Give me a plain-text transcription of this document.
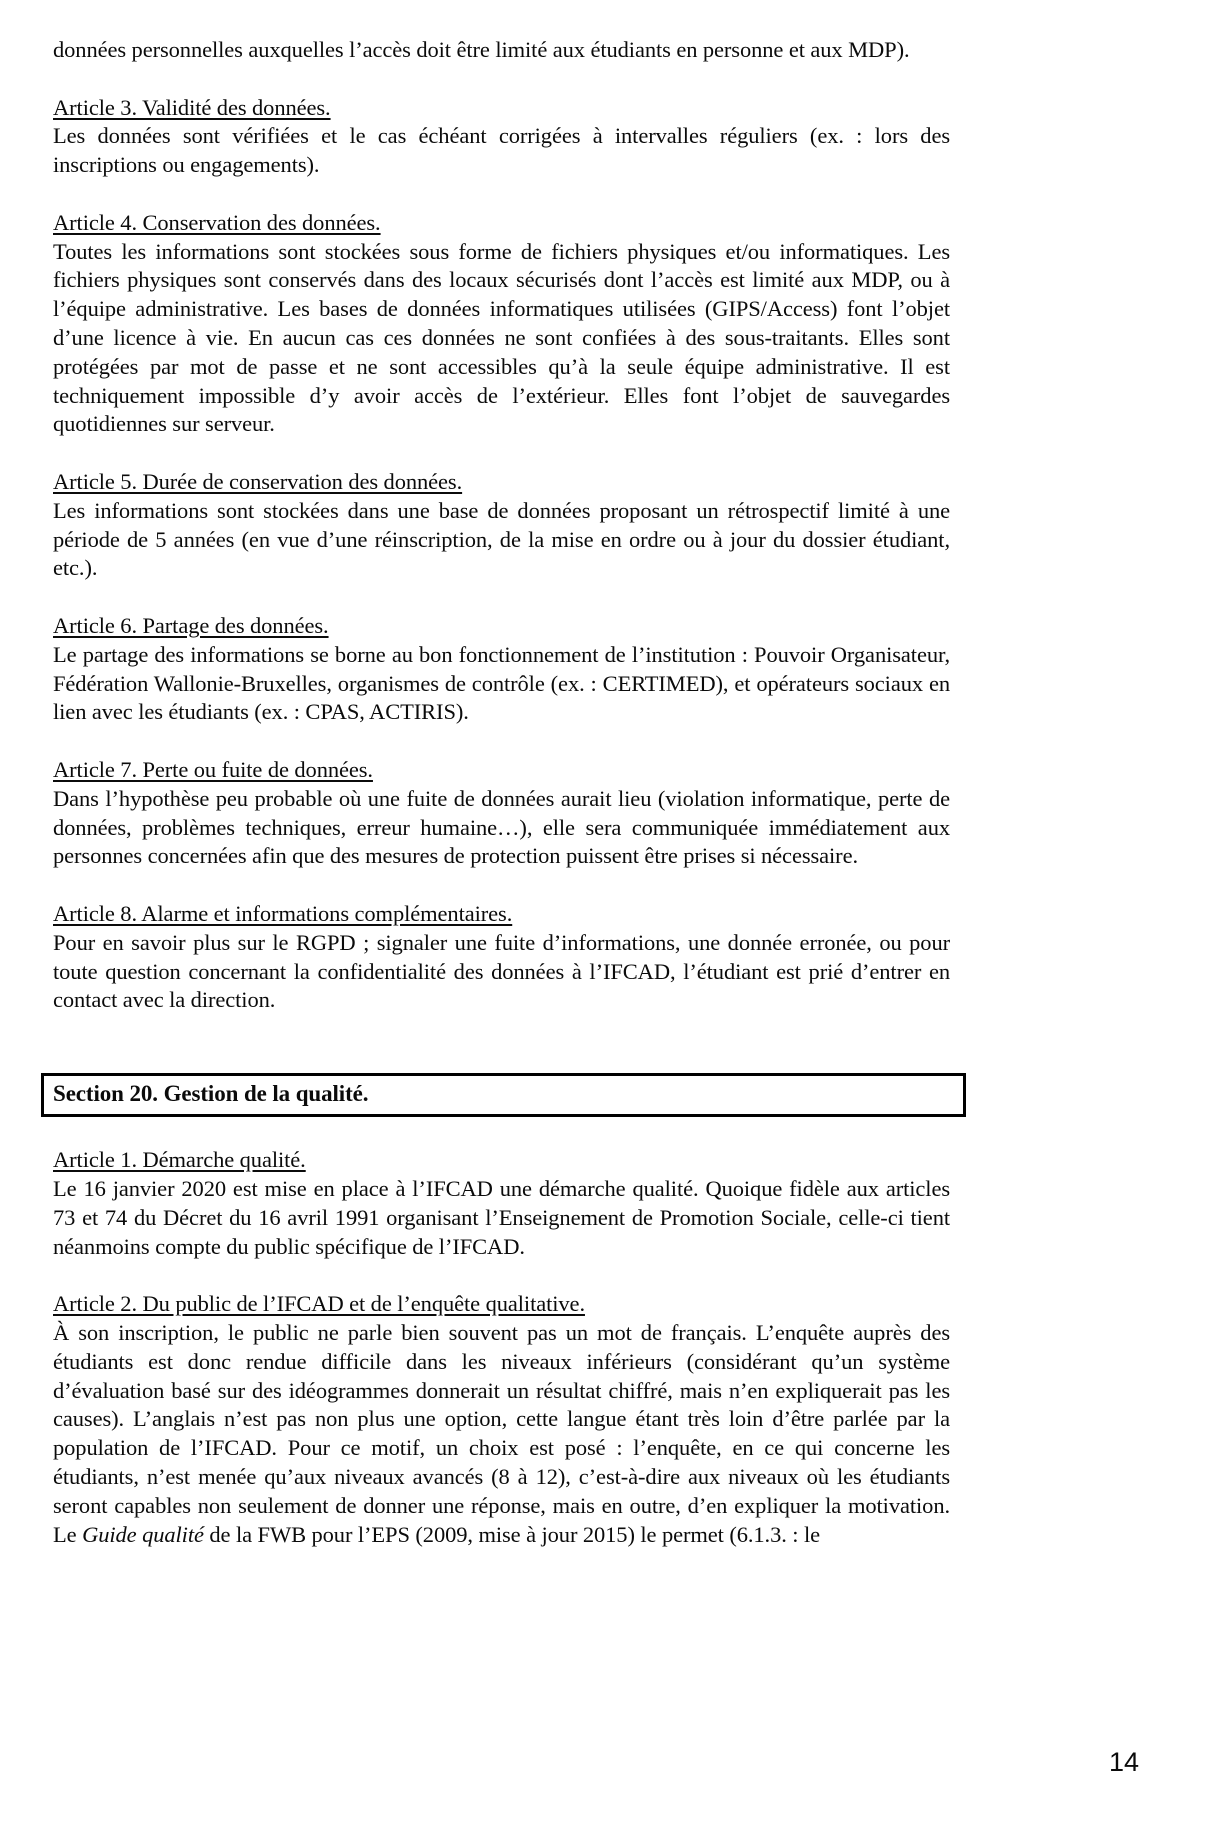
données personnelles auxquelles l’accès doit être limité aux étudiants en personne et aux MDP).

Article 3. Validité des données.

Les données sont vérifiées et le cas échéant corrigées à intervalles réguliers (ex. : lors des inscriptions ou engagements).

Article 4. Conservation des données.

Toutes les informations sont stockées sous forme de fichiers physiques et/ou informatiques. Les fichiers physiques sont conservés dans des locaux sécurisés dont l’accès est limité aux MDP, ou à l’équipe administrative. Les bases de données informatiques utilisées (GIPS/Access) font l’objet d’une licence à vie. En aucun cas ces données ne sont confiées à des sous-traitants. Elles sont protégées par mot de passe et ne sont accessibles qu’à la seule équipe administrative. Il est techniquement impossible d’y avoir accès de l’extérieur. Elles font l’objet de sauvegardes quotidiennes sur serveur.

Article 5. Durée de conservation des données.

Les informations sont stockées dans une base de données proposant un rétrospectif limité à une période de 5 années (en vue d’une réinscription, de la mise en ordre ou à jour du dossier étudiant, etc.).

Article 6. Partage des données.

Le partage des informations se borne au bon fonctionnement de l’institution : Pouvoir Organisateur, Fédération Wallonie-Bruxelles, organismes de contrôle (ex. : CERTIMED), et opérateurs sociaux en lien avec les étudiants (ex. : CPAS, ACTIRIS).

Article 7. Perte ou fuite de données.

Dans l’hypothèse peu probable où une fuite de données aurait lieu (violation informatique, perte de données, problèmes techniques, erreur humaine…), elle sera communiquée immédiatement aux personnes concernées afin que des mesures de protection puissent être prises si nécessaire.

Article 8. Alarme et informations complémentaires.

Pour en savoir plus sur le RGPD ; signaler une fuite d’informations, une donnée erronée, ou pour toute question concernant la confidentialité des données à l’IFCAD, l’étudiant est prié d’entrer en contact avec la direction.

Section 20. Gestion de la qualité.

Article 1. Démarche qualité.

Le 16 janvier 2020 est mise en place à l’IFCAD une démarche qualité. Quoique fidèle aux articles 73 et 74 du Décret du 16 avril 1991 organisant l’Enseignement de Promotion Sociale, celle-ci tient néanmoins compte du public spécifique de l’IFCAD.

Article 2. Du public de l’IFCAD et de l’enquête qualitative.

À son inscription, le public ne parle bien souvent pas un mot de français. L’enquête auprès des étudiants est donc rendue difficile dans les niveaux inférieurs (considérant qu’un système d’évaluation basé sur des idéogrammes donnerait un résultat chiffré, mais n’en expliquerait pas les causes). L’anglais n’est pas non plus une option, cette langue étant très loin d’être parlée par la population de l’IFCAD. Pour ce motif, un choix est posé : l’enquête, en ce qui concerne les étudiants, n’est menée qu’aux niveaux avancés (8 à 12), c’est-à-dire aux niveaux où les étudiants seront capables non seulement de donner une réponse, mais en outre, d’en expliquer la motivation. Le Guide qualité de la FWB pour l’EPS (2009, mise à jour 2015) le permet (6.1.3. : le

14
